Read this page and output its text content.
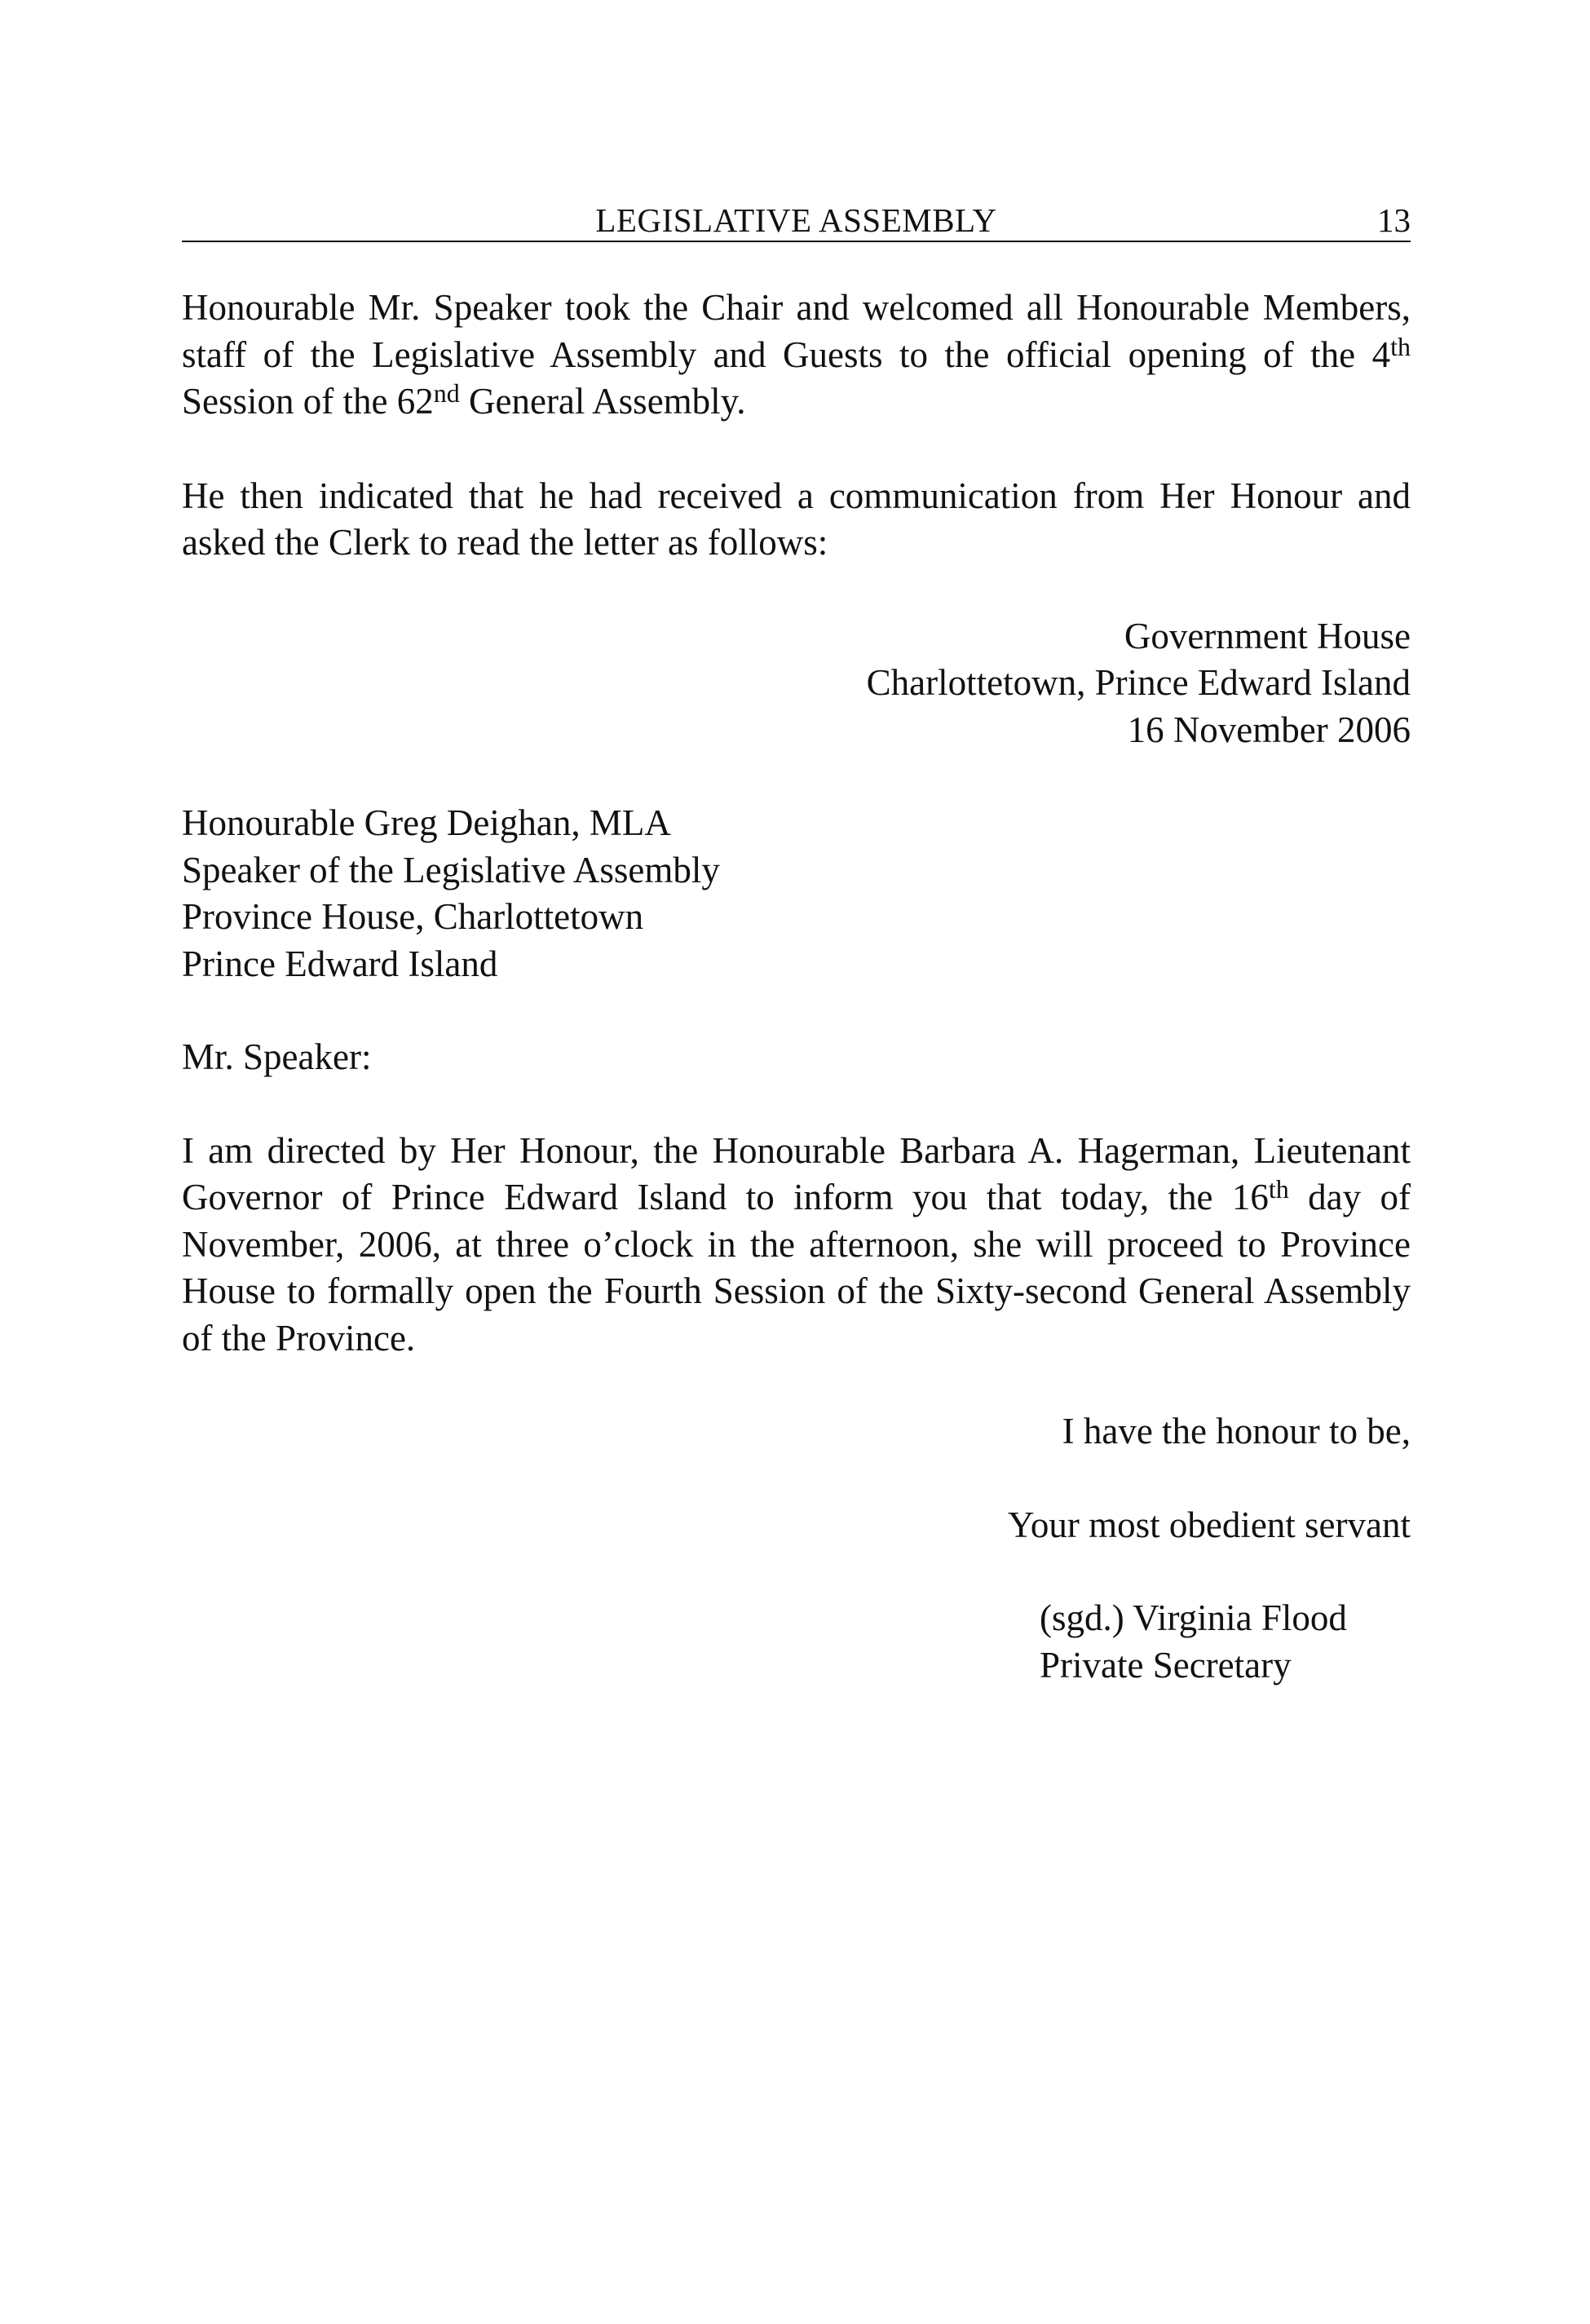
LEGISLATIVE ASSEMBLY	13

Honourable Mr. Speaker took the Chair and welcomed all Honourable Members, staff of the Legislative Assembly and Guests to the official opening of the 4th Session of the 62nd General Assembly.

He then indicated that he had received a communication from Her Honour and asked the Clerk to read the letter as follows:

Government House
Charlottetown, Prince Edward Island
16 November 2006
Honourable Greg Deighan, MLA
Speaker of the Legislative Assembly
Province House, Charlottetown
Prince Edward Island

Mr. Speaker:

I am directed by Her Honour, the Honourable Barbara A. Hagerman, Lieutenant Governor of Prince Edward Island to inform you that today, the 16th day of November, 2006, at three o’clock in the afternoon, she will proceed to Province House to formally open the Fourth Session of the Sixty-second General Assembly of the Province.

I have the honour to be,

Your most obedient servant

(sgd.) Virginia Flood
Private Secretary
